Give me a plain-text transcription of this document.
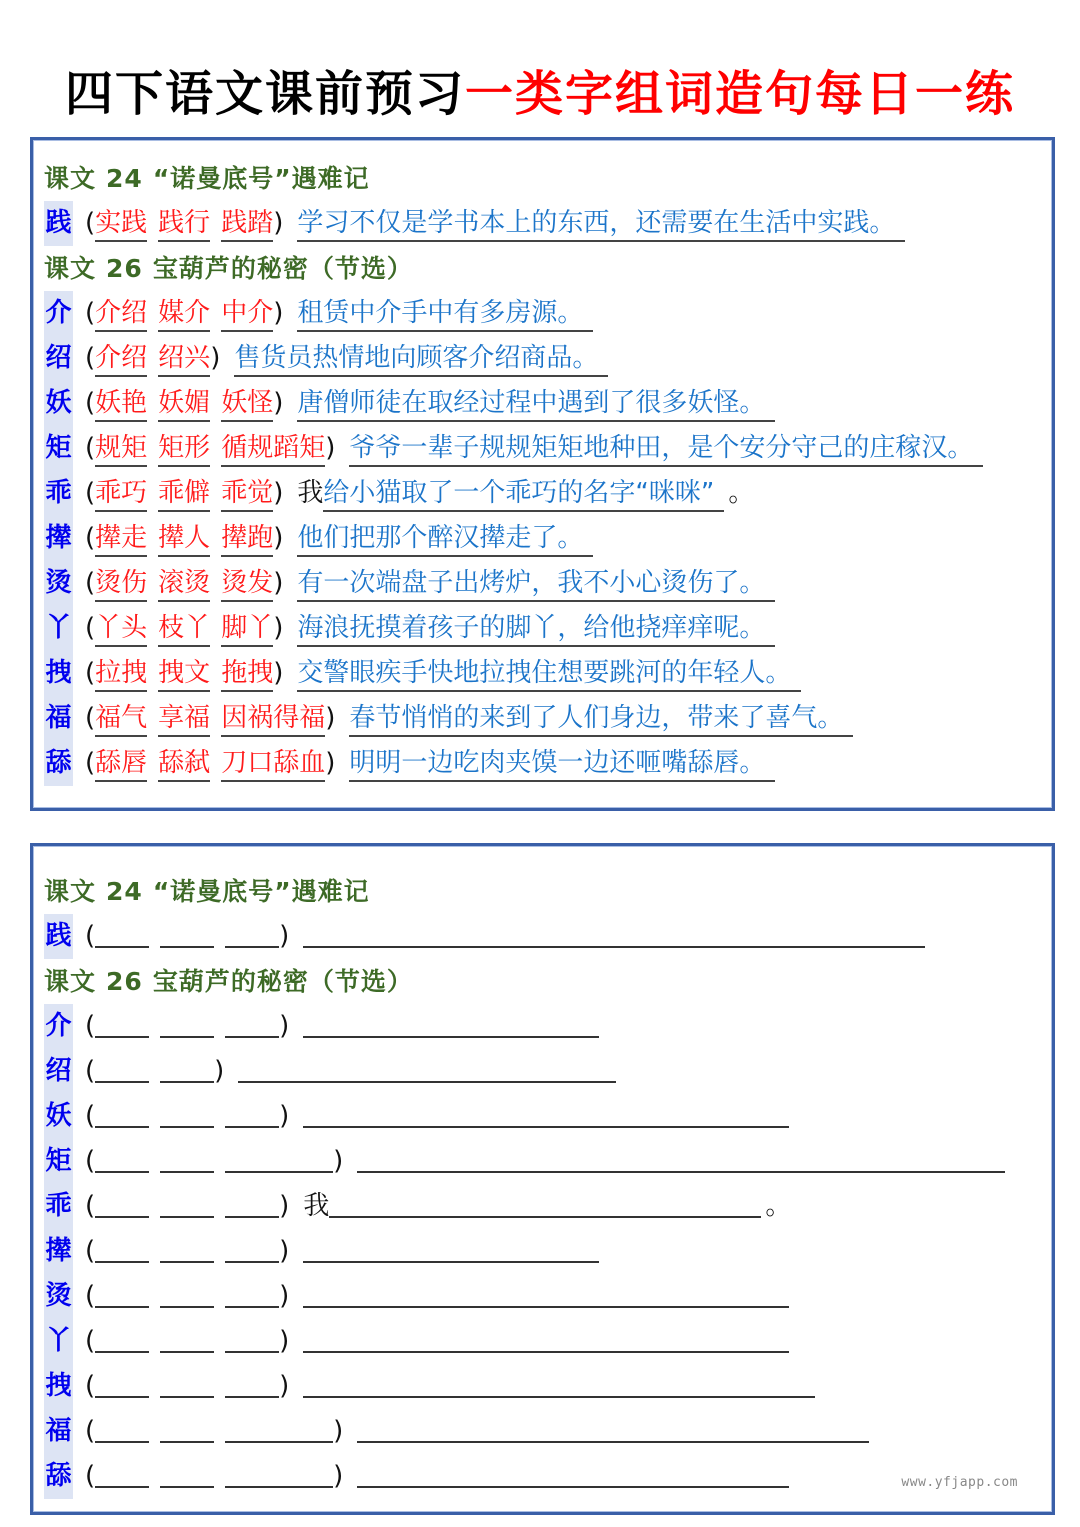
四下语文课前预习一类字组词造句每日一练
课文 24 “诺曼底号”遇难记
践 (实践 践行 践踏) 学习不仅是学书本上的东西，还需要在生活中实践。
课文 26 宝葫芦的秘密（节选）
介 (介绍 媒介 中介) 租赁中介手中有多房源。
绍 (介绍 绍兴) 售货员热情地向顾客介绍商品。
妖 (妖艳 妖媚 妖怪) 唐僧师徒在取经过程中遇到了很多妖怪。
矩 (规矩 矩形 循规蹈矩) 爷爷一辈子规规矩矩地种田，是个安分守己的庄稼汉。
乖 (乖巧 乖僻 乖觉) 我给小猫取了一个乖巧的名字“咪咪” 。
撵 (撵走 撵人 撵跑) 他们把那个醉汉撵走了。
烫 (烫伤 滚烫 烫发) 有一次端盘子出烤炉，我不小心烫伤了。
丫 (丫头 枝丫 脚丫) 海浪抚摸着孩子的脚丫，给他挠痒痒呢。
拽 (拉拽 拽文 拖拽) 交警眼疾手快地拉拽住想要跳河的年轻人。
福 (福气 享福 因祸得福) 春节悄悄的来到了人们身边，带来了喜气。
舔 (舔唇 舔弑 刀口舔血) 明明一边吃肉夹馍一边还咂嘴舔唇。
课文 24 “诺曼底号”遇难记
践 (	)
课文 26 宝葫芦的秘密（节选）
介 (	)
绍 (	)
妖 (	)
矩 (	)
乖 (	) 我	。
撵 (	)
烫 (	)
丫 (	)
拽 (	)
福 (	)
舔 (	)	www.yfjapp.com
